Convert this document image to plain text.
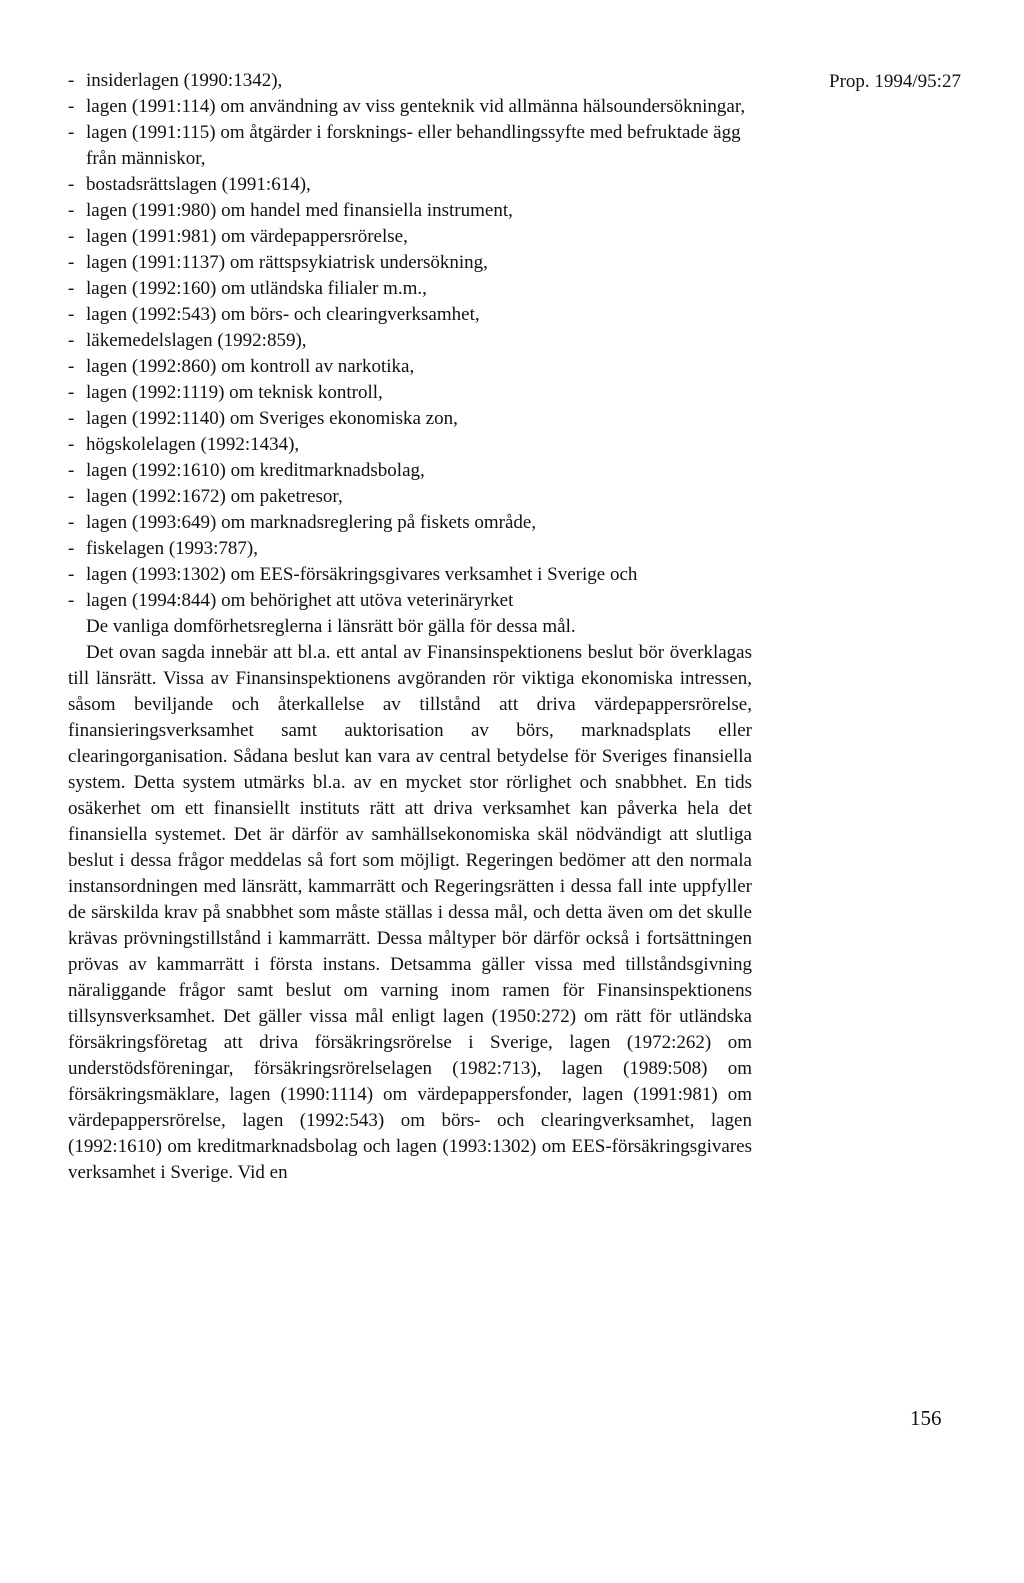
Prop. 1994/95:27
- insiderlagen (1990:1342),
- lagen (1991:114) om användning av viss genteknik vid allmänna hälsoundersökningar,
- lagen (1991:115) om åtgärder i forsknings- eller behandlingssyfte med befruktade ägg från människor,
- bostadsrättslagen (1991:614),
- lagen (1991:980) om handel med finansiella instrument,
- lagen (1991:981) om värdepappersrörelse,
- lagen (1991:1137) om rättspsykiatrisk undersökning,
- lagen (1992:160) om utländska filialer m.m.,
- lagen (1992:543) om börs- och clearingverksamhet,
- läkemedelslagen (1992:859),
- lagen (1992:860) om kontroll av narkotika,
- lagen (1992:1119) om teknisk kontroll,
- lagen (1992:1140) om Sveriges ekonomiska zon,
- högskolelagen (1992:1434),
- lagen (1992:1610) om kreditmarknadsbolag,
- lagen (1992:1672) om paketresor,
- lagen (1993:649) om marknadsreglering på fiskets område,
- fiskelagen (1993:787),
- lagen (1993:1302) om EES-försäkringsgivares verksamhet i Sverige och
- lagen (1994:844) om behörighet att utöva veterinäryrket

De vanliga domförhetsreglerna i länsrätt bör gälla för dessa mål.

Det ovan sagda innebär att bl.a. ett antal av Finansinspektionens beslut bör överklagas till länsrätt. Vissa av Finansinspektionens avgöranden rör viktiga ekonomiska intressen, såsom beviljande och återkallelse av tillstånd att driva värdepappersrörelse, finansieringsverksamhet samt auktorisation av börs, marknadsplats eller clearingorganisation. Sådana beslut kan vara av central betydelse för Sveriges finansiella system. Detta system utmärks bl.a. av en mycket stor rörlighet och snabbhet. En tids osäkerhet om ett finansiellt instituts rätt att driva verksamhet kan påverka hela det finansiella systemet. Det är därför av samhällsekonomiska skäl nödvändigt att slutliga beslut i dessa frågor meddelas så fort som möjligt. Regeringen bedömer att den normala instansordningen med länsrätt, kammarrätt och Regeringsrätten i dessa fall inte uppfyller de särskilda krav på snabbhet som måste ställas i dessa mål, och detta även om det skulle krävas prövningstillstånd i kammarrätt. Dessa måltyper bör därför också i fortsättningen prövas av kammarrätt i första instans. Detsamma gäller vissa med tillståndsgivning näraliggande frågor samt beslut om varning inom ramen för Finansinspektionens tillsynsverksamhet. Det gäller vissa mål enligt lagen (1950:272) om rätt för utländska försäkringsföretag att driva försäkringsrörelse i Sverige, lagen (1972:262) om understödsföreningar, försäkringsrörelselagen (1982:713), lagen (1989:508) om försäkringsmäklare, lagen (1990:1114) om värdepappersfonder, lagen (1991:981) om värdepappersrörelse, lagen (1992:543) om börs- och clearingverksamhet, lagen (1992:1610) om kreditmarknadsbolag och lagen (1993:1302) om EES-försäkringsgivares verksamhet i Sverige. Vid en

156
